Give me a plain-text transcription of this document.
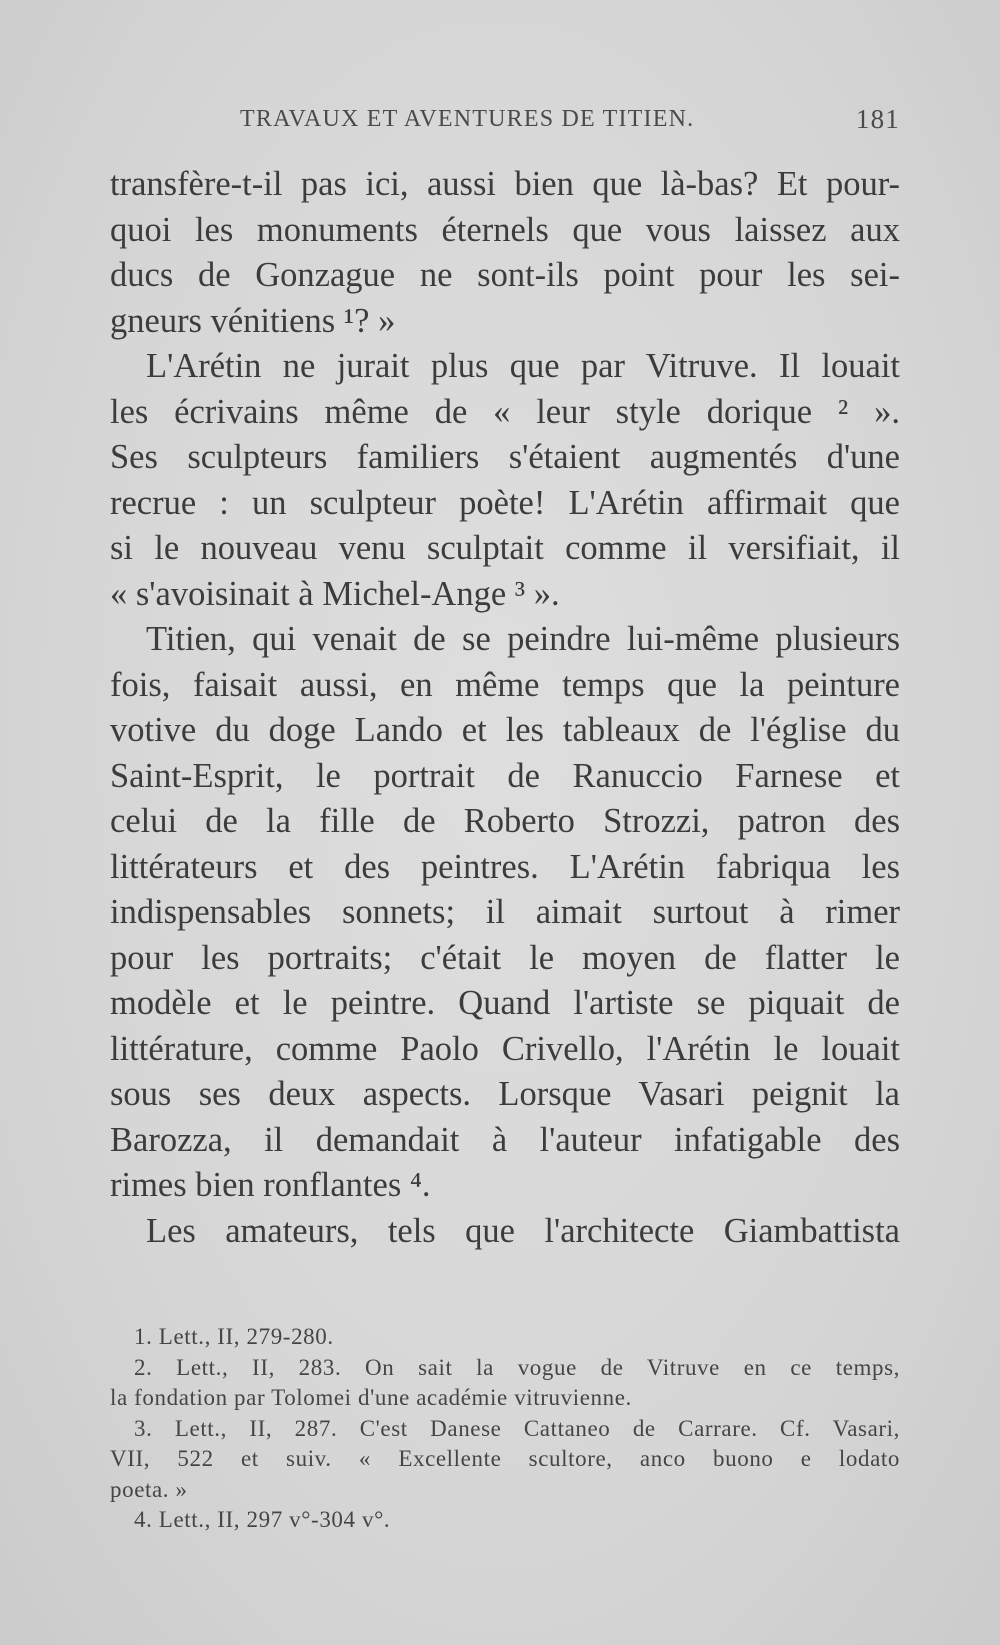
TRAVAUX ET AVENTURES DE TITIEN.	181
transfère-t-il pas ici, aussi bien que là-bas? Et pour-
quoi les monuments éternels que vous laissez aux
ducs de Gonzague ne sont-ils point pour les sei-
gneurs vénitiens ¹? »
L'Arétin ne jurait plus que par Vitruve. Il louait
les écrivains même de « leur style dorique ² ».
Ses sculpteurs familiers s'étaient augmentés d'une
recrue : un sculpteur poète! L'Arétin affirmait que
si le nouveau venu sculptait comme il versifiait, il
« s'avoisinait à Michel-Ange ³ ».
Titien, qui venait de se peindre lui-même plusieurs
fois, faisait aussi, en même temps que la peinture
votive du doge Lando et les tableaux de l'église du
Saint-Esprit, le portrait de Ranuccio Farnese et
celui de la fille de Roberto Strozzi, patron des
littérateurs et des peintres. L'Arétin fabriqua les
indispensables sonnets; il aimait surtout à rimer
pour les portraits; c'était le moyen de flatter le
modèle et le peintre. Quand l'artiste se piquait de
littérature, comme Paolo Crivello, l'Arétin le louait
sous ses deux aspects. Lorsque Vasari peignit la
Barozza, il demandait à l'auteur infatigable des
rimes bien ronflantes ⁴.
Les amateurs, tels que l'architecte Giambattista
1. Lett., II, 279-280.
2. Lett., II, 283. On sait la vogue de Vitruve en ce temps,
la fondation par Tolomei d'une académie vitruvienne.
3. Lett., II, 287. C'est Danese Cattaneo de Carrare. Cf. Vasari,
VII, 522 et suiv. « Excellente scultore, anco buono e lodato
poeta. »
4. Lett., II, 297 v°-304 v°.
